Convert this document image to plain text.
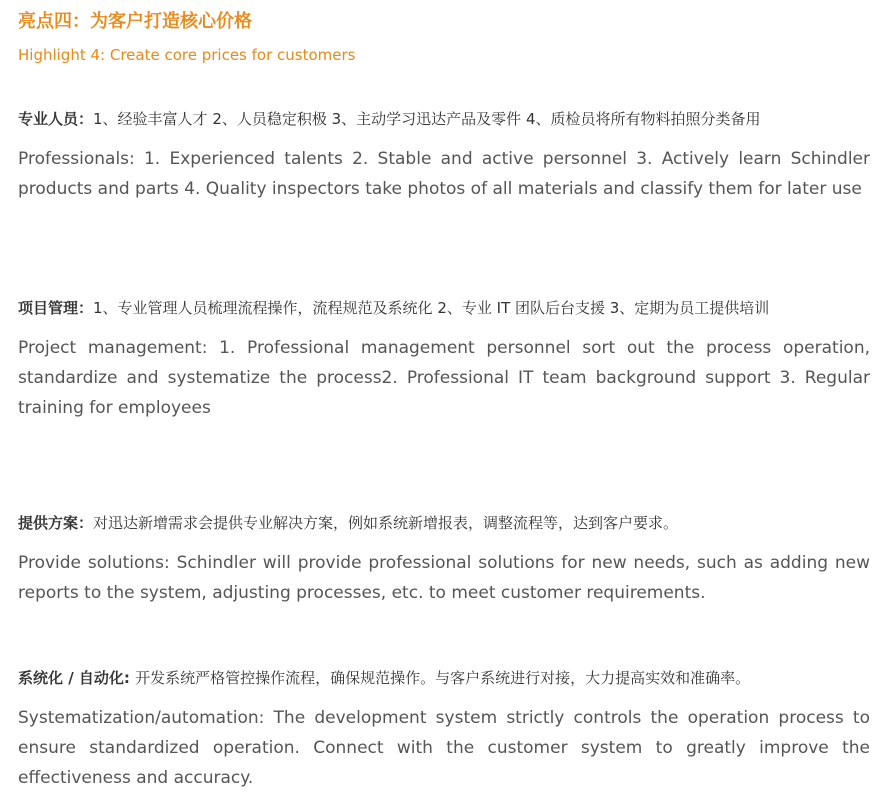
亮点四：为客户打造核心价格
Highlight 4: Create core prices for customers
专业人员：1、经验丰富人才 2、人员稳定积极 3、主动学习迅达产品及零件 4、质检员将所有物料拍照分类备用
Professionals: 1. Experienced talents 2. Stable and active personnel 3. Actively learn Schindler products and parts 4. Quality inspectors take photos of all materials and classify them for later use
项目管理：1、专业管理人员梳理流程操作，流程规范及系统化 2、专业 IT 团队后台支援 3、定期为员工提供培训
Project management: 1. Professional management personnel sort out the process operation, standardize and systematize the process2. Professional IT team background support 3. Regular training for employees
提供方案：对迅达新增需求会提供专业解决方案，例如系统新增报表，调整流程等，达到客户要求。
Provide solutions: Schindler will provide professional solutions for new needs, such as adding new reports to the system, adjusting processes, etc. to meet customer requirements.
系统化 / 自动化: 开发系统严格管控操作流程，确保规范操作。与客户系统进行对接，大力提高实效和准确率。
Systematization/automation: The development system strictly controls the operation process to ensure standardized operation. Connect with the customer system to greatly improve the effectiveness and accuracy.
